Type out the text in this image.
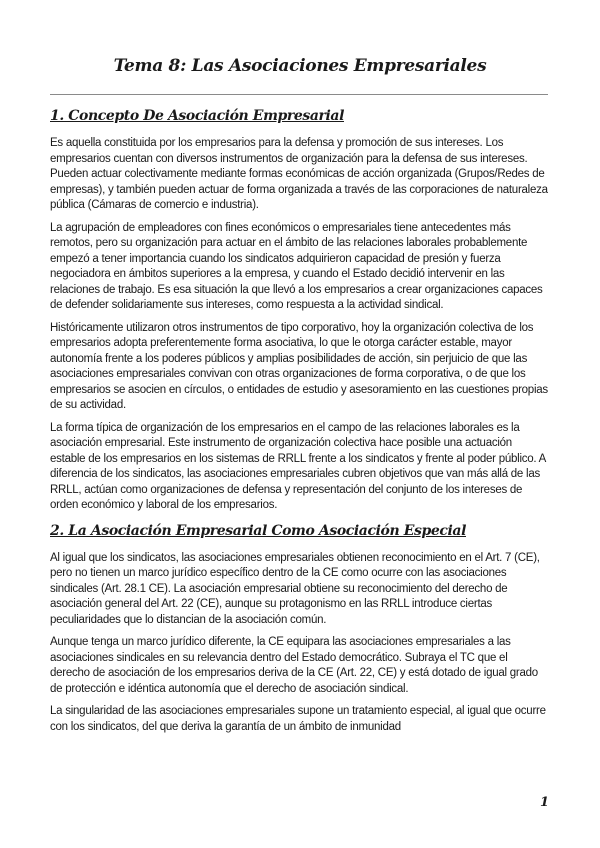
Tema 8: Las Asociaciones Empresariales
1. Concepto De Asociación Empresarial

Es aquella constituida por los empresarios para la defensa y promoción de sus intereses. Los empresarios cuentan con diversos instrumentos de organización para la defensa de sus intereses. Pueden actuar colectivamente mediante formas económicas de acción organizada (Grupos/Redes de empresas), y también pueden actuar de forma organizada a través de las corporaciones de naturaleza pública (Cámaras de comercio e industria).

La agrupación de empleadores con fines económicos o empresariales tiene antecedentes más remotos, pero su organización para actuar en el ámbito de las relaciones laborales probablemente empezó a tener importancia cuando los sindicatos adquirieron capacidad de presión y fuerza negociadora en ámbitos superiores a la empresa, y cuando el Estado decidió intervenir en las relaciones de trabajo. Es esa situación la que llevó a los empresarios a crear organizaciones capaces de defender solidariamente sus intereses, como respuesta a la actividad sindical.

Históricamente utilizaron otros instrumentos de tipo corporativo, hoy la organización colectiva de los empresarios adopta preferentemente forma asociativa, lo que le otorga carácter estable, mayor autonomía frente a los poderes públicos y amplias posibilidades de acción, sin perjuicio de que las asociaciones empresariales convivan con otras organizaciones de forma corporativa, o de que los empresarios se asocien en círculos, o entidades de estudio y asesoramiento en las cuestiones propias de su actividad.

La forma típica de organización de los empresarios en el campo de las relaciones laborales es la asociación empresarial. Este instrumento de organización colectiva hace posible una actuación estable de los empresarios en los sistemas de RRLL frente a los sindicatos y frente al poder público. A diferencia de los sindicatos, las asociaciones empresariales cubren objetivos que van más allá de las RRLL, actúan como organizaciones de defensa y representación del conjunto de los intereses de orden económico y laboral de los empresarios.

2. La Asociación Empresarial Como Asociación Especial

Al igual que los sindicatos, las asociaciones empresariales obtienen reconocimiento en el Art. 7 (CE), pero no tienen un marco jurídico específico dentro de la CE como ocurre con las asociaciones sindicales (Art. 28.1 CE). La asociación empresarial obtiene su reconocimiento del derecho de asociación general del Art. 22 (CE), aunque su protagonismo en las RRLL introduce ciertas peculiaridades que lo distancian de la asociación común.

Aunque tenga un marco jurídico diferente, la CE equipara las asociaciones empresariales a las asociaciones sindicales en su relevancia dentro del Estado democrático. Subraya el TC que el derecho de asociación de los empresarios deriva de la CE (Art. 22, CE) y está dotado de igual grado de protección e idéntica autonomía que el derecho de asociación sindical.

La singularidad de las asociaciones empresariales supone un tratamiento especial, al igual que ocurre con los sindicatos, del que deriva la garantía de un ámbito de inmunidad

1
